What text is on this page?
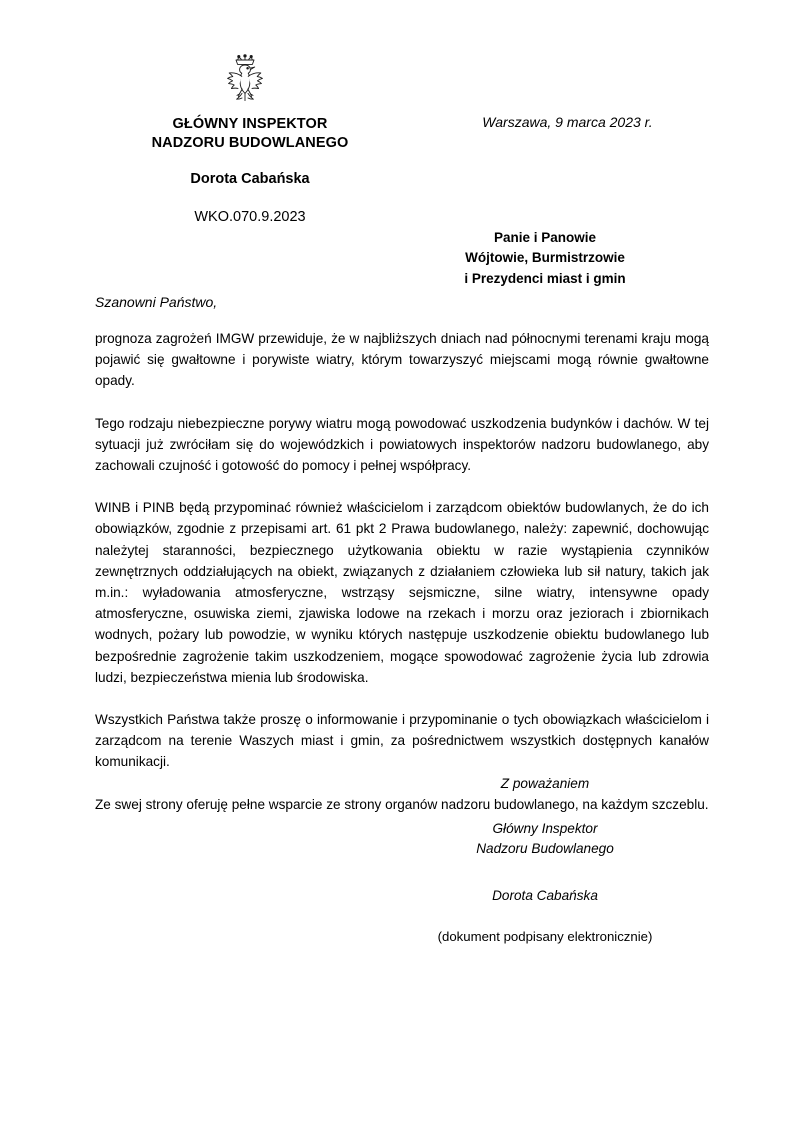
GŁÓWNY INSPEKTOR
NADZORU BUDOWLANEGO
Dorota Cabańska
WKO.070.9.2023
Warszawa, 9 marca 2023 r.
Panie i Panowie
Wójtowie, Burmistrzowie
i Prezydenci miast i gmin
Szanowni Państwo,

prognoza zagrożeń IMGW przewiduje, że w najbliższych dniach nad północnymi terenami kraju mogą pojawić się gwałtowne i porywiste wiatry, którym towarzyszyć miejscami mogą równie gwałtowne opady.

Tego rodzaju niebezpieczne porywy wiatru mogą powodować uszkodzenia budynków i dachów. W tej sytuacji już zwróciłam się do wojewódzkich i powiatowych inspektorów nadzoru budowlanego, aby zachowali czujność i gotowość do pomocy i pełnej współpracy.

WINB i PINB będą przypominać również właścicielom i zarządcom obiektów budowlanych, że do ich obowiązków, zgodnie z przepisami art. 61 pkt 2 Prawa budowlanego, należy: zapewnić, dochowując należytej staranności, bezpiecznego użytkowania obiektu w razie wystąpienia czynników zewnętrznych oddziałujących na obiekt, związanych z działaniem człowieka lub sił natury, takich jak m.in.: wyładowania atmosferyczne, wstrząsy sejsmiczne, silne wiatry, intensywne opady atmosferyczne, osuwiska ziemi, zjawiska lodowe na rzekach i morzu oraz jeziorach i zbiornikach wodnych, pożary lub powodzie, w wyniku których następuje uszkodzenie obiektu budowlanego lub bezpośrednie zagrożenie takim uszkodzeniem, mogące spowodować zagrożenie życia lub zdrowia ludzi, bezpieczeństwa mienia lub środowiska.

Wszystkich Państwa także proszę o informowanie i przypominanie o tych obowiązkach właścicielom i zarządcom na terenie Waszych miast i gmin, za pośrednictwem wszystkich dostępnych kanałów komunikacji.

Ze swej strony oferuję pełne wsparcie ze strony organów nadzoru budowlanego, na każdym szczeblu.

Z poważaniem
Główny Inspektor
Nadzoru Budowlanego
Dorota Cabańska
(dokument podpisany elektronicznie)
